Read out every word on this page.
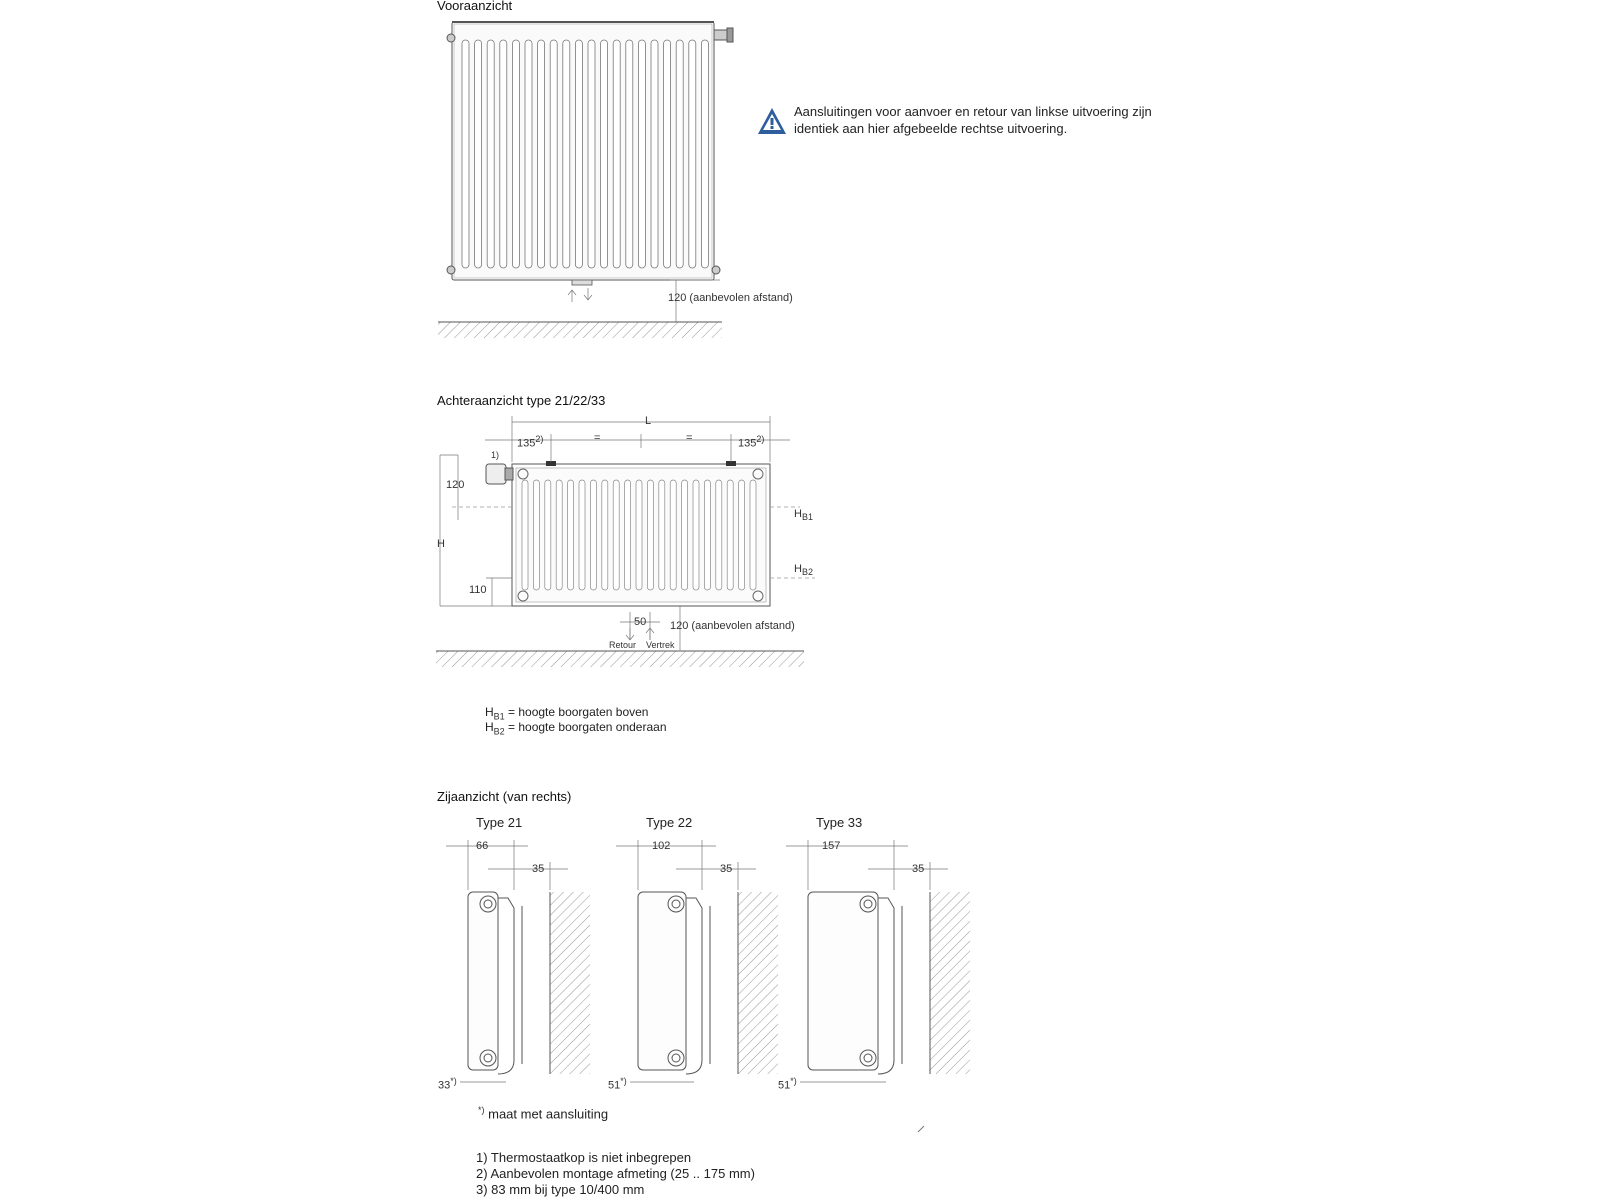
Vooraanzicht
120 (aanbevolen afstand)
Aansluitingen voor aanvoer en retour van linkse uitvoering zijn
identiek aan hier afgebeelde rechtse uitvoering.
Achteraanzicht type 21/22/33
L
$135^{2)}$	=	=	$135^{2)}$
1)
120
H
110
$H_{B1}$
$H_{B2}$
50 120 (aanbevolen afstand)
Retour Vertrek
$H_{B1}$ = hoogte boorgaten boven
$H_{B2}$ = hoogte boorgaten onderaan
Zijaanzicht (van rechts)
Type 21
66
35
33*)
Type 22
102
35
51*)
Type 33
157
35
51*)
*) maat met aansluiting
1) Thermostaatkop is niet inbegrepen
2) Aanbevolen montage afmeting (25 .. 175 mm)
3) 83 mm bij type 10/400 mm
